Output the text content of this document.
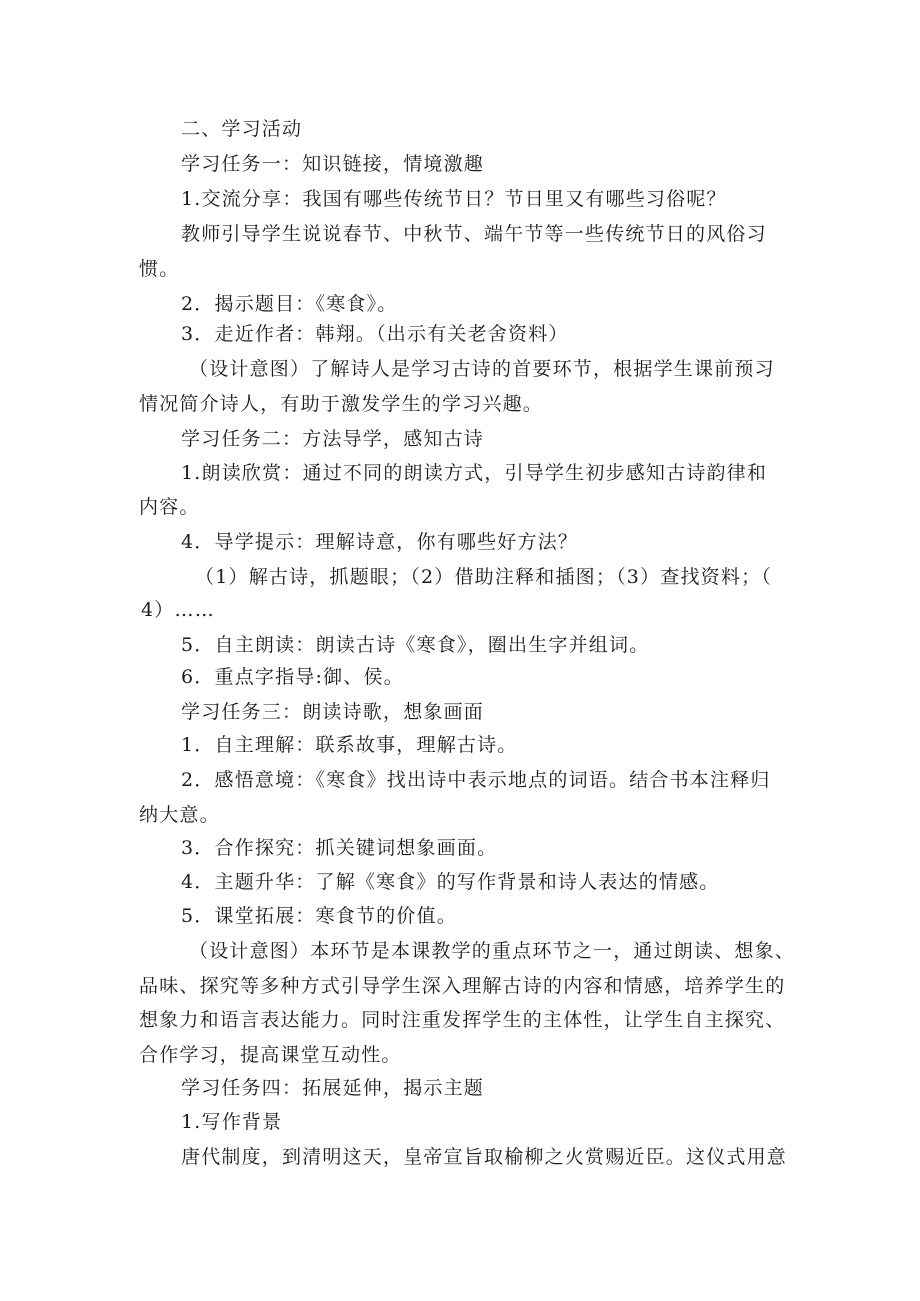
二、学习活动
学习任务一：知识链接，情境激趣
1.交流分享：我国有哪些传统节日？节日里又有哪些习俗呢？
教师引导学生说说春节、中秋节、端午节等一些传统节日的风俗习
惯。
2．揭示题目：《寒食》。
3．走近作者：韩翔。（出示有关老舍资料）
（设计意图）了解诗人是学习古诗的首要环节，根据学生课前预习
情况简介诗人，有助于激发学生的学习兴趣。
学习任务二：方法导学，感知古诗
1.朗读欣赏：通过不同的朗读方式，引导学生初步感知古诗韵律和
内容。
4．导学提示：理解诗意，你有哪些好方法？
（1）解古诗，抓题眼；（2）借助注释和插图；（3）查找资料；（
4）……
5．自主朗读：朗读古诗《寒食》，圈出生字并组词。
6．重点字指导:御、侯。
学习任务三：朗读诗歌，想象画面
1．自主理解：联系故事，理解古诗。
2．感悟意境：《寒食》找出诗中表示地点的词语。结合书本注释归
纳大意。
3．合作探究：抓关键词想象画面。
4．主题升华：了解《寒食》的写作背景和诗人表达的情感。
5．课堂拓展：寒食节的价值。
（设计意图）本环节是本课教学的重点环节之一，通过朗读、想象、
品味、探究等多种方式引导学生深入理解古诗的内容和情感，培养学生的
想象力和语言表达能力。同时注重发挥学生的主体性，让学生自主探究、
合作学习，提高课堂互动性。
学习任务四：拓展延伸，揭示主题
1.写作背景
唐代制度，到清明这天，皇帝宣旨取榆柳之火赏赐近臣。这仪式用意
